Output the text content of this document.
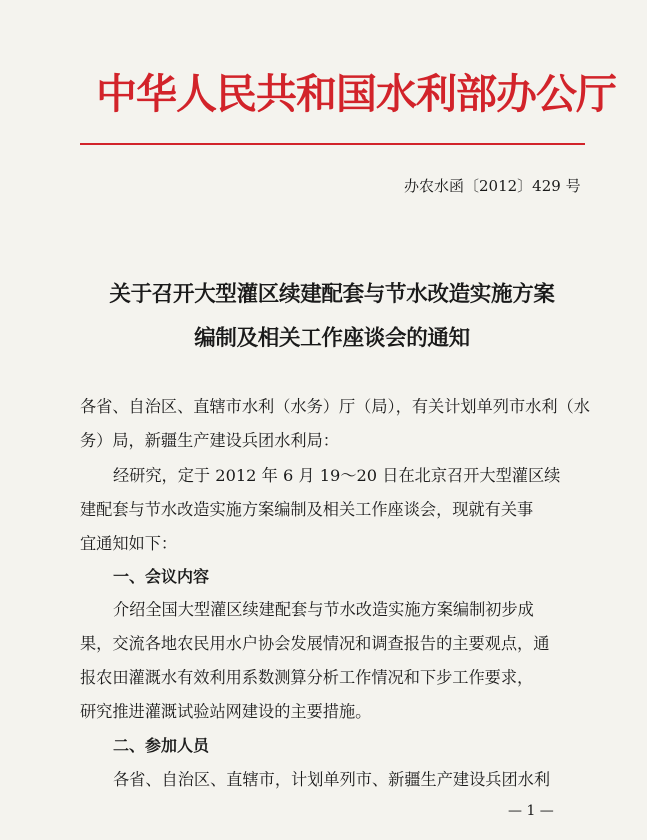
中华人民共和国水利部办公厅
办农水函〔2012〕429 号
关于召开大型灌区续建配套与节水改造实施方案
编制及相关工作座谈会的通知
各省、自治区、直辖市水利（水务）厅（局），有关计划单列市水利（水
务）局，新疆生产建设兵团水利局：
经研究，定于 2012 年 6 月 19～20 日在北京召开大型灌区续
建配套与节水改造实施方案编制及相关工作座谈会，现就有关事
宜通知如下：
一、会议内容
介绍全国大型灌区续建配套与节水改造实施方案编制初步成
果，交流各地农民用水户协会发展情况和调查报告的主要观点，通
报农田灌溉水有效利用系数测算分析工作情况和下步工作要求，
研究推进灌溉试验站网建设的主要措施。
二、参加人员
各省、自治区、直辖市，计划单列市、新疆生产建设兵团水利
— 1 —
